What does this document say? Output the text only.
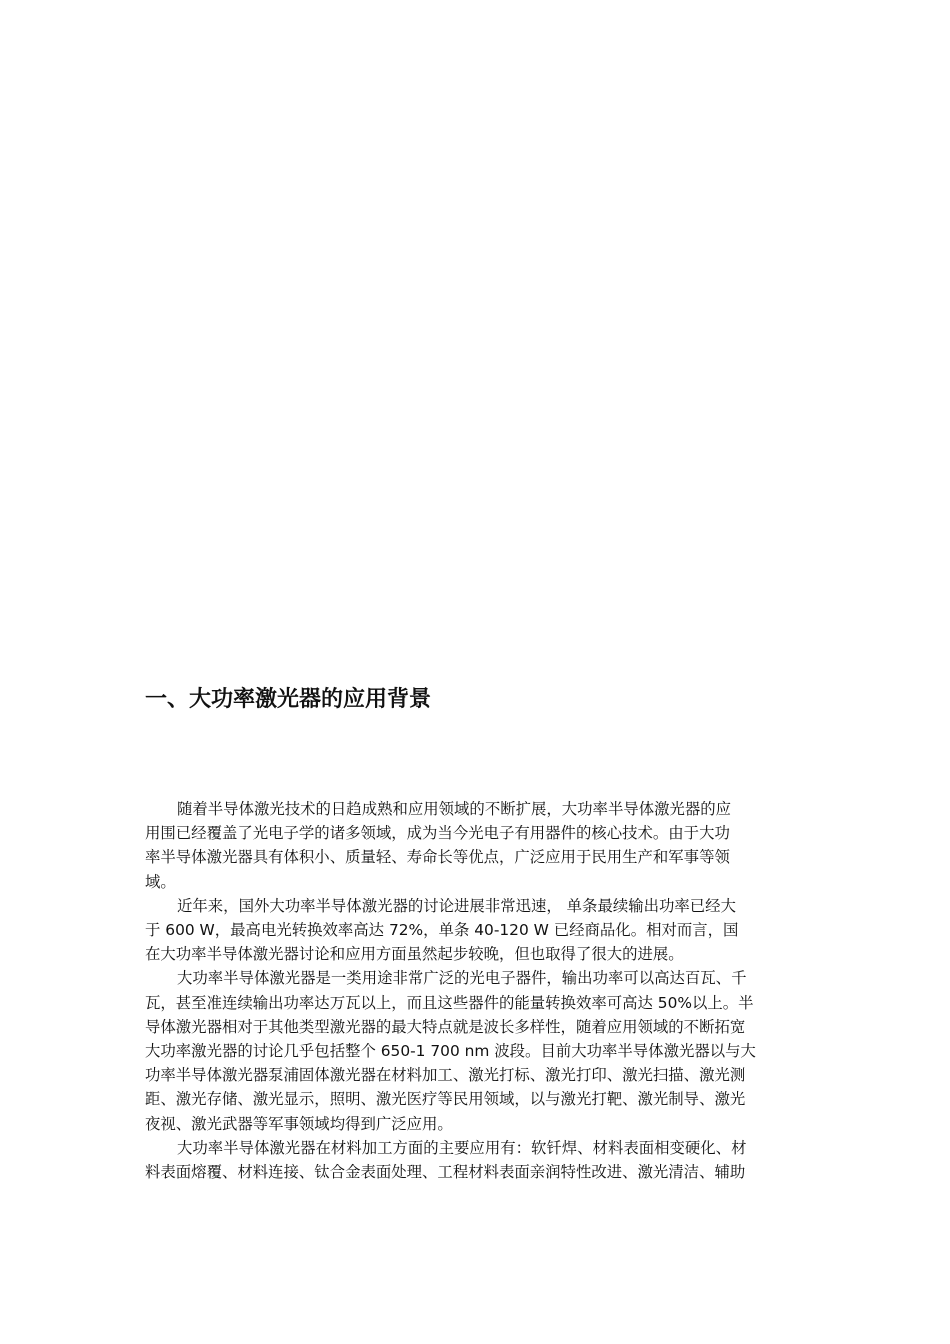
一、大功率激光器的应用背景
随着半导体激光技术的日趋成熟和应用领域的不断扩展，大功率半导体激光器的应
用围已经覆盖了光电子学的诸多领域，成为当今光电子有用器件的核心技术。由于大功
率半导体激光器具有体积小、质量轻、寿命长等优点，广泛应用于民用生产和军事等领
域。
近年来，国外大功率半导体激光器的讨论进展非常迅速， 单条最续输出功率已经大
于 600 W，最高电光转换效率高达 72%，单条 40-120 W 已经商品化。相对而言，国
在大功率半导体激光器讨论和应用方面虽然起步较晚，但也取得了很大的进展。
大功率半导体激光器是一类用途非常广泛的光电子器件，输出功率可以高达百瓦、千
瓦，甚至准连续输出功率达万瓦以上，而且这些器件的能量转换效率可高达 50%以上。半
导体激光器相对于其他类型激光器的最大特点就是波长多样性，随着应用领域的不断拓宽
大功率激光器的讨论几乎包括整个 650-1 700 nm 波段。目前大功率半导体激光器以与大
功率半导体激光器泵浦固体激光器在材料加工、激光打标、激光打印、激光扫描、激光测
距、激光存储、激光显示，照明、激光医疗等民用领域，以与激光打靶、激光制导、激光
夜视、激光武器等军事领域均得到广泛应用。
大功率半导体激光器在材料加工方面的主要应用有：软钎焊、材料表面相变硬化、材
料表面熔覆、材料连接、钛合金表面处理、工程材料表面亲润特性改进、激光清洁、辅助
